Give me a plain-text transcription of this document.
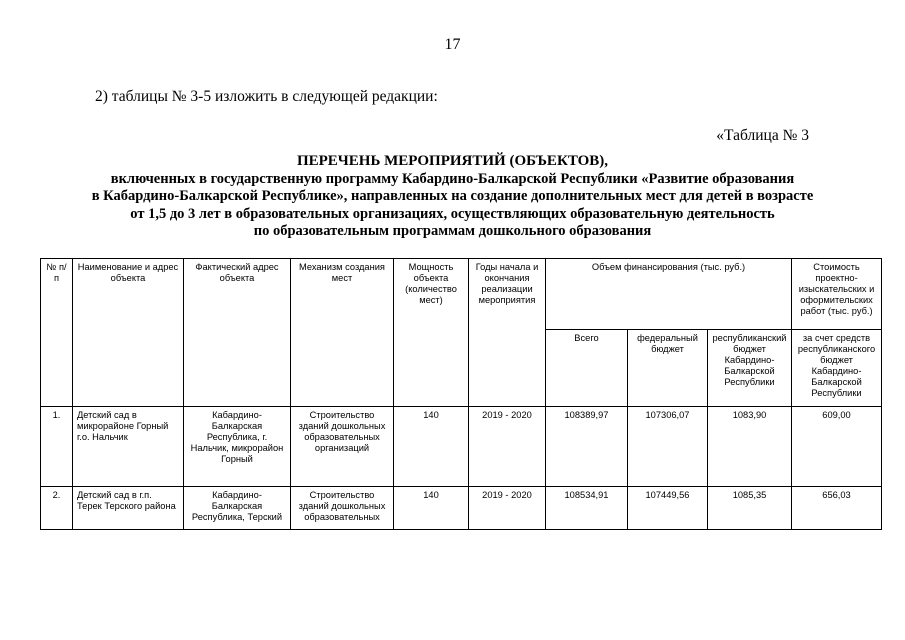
17
2) таблицы № 3-5 изложить в следующей редакции:
«Таблица № 3
ПЕРЕЧЕНЬ МЕРОПРИЯТИЙ (ОБЪЕКТОВ),
включенных в государственную программу Кабардино-Балкарской Республики «Развитие образования
в Кабардино-Балкарской Республике», направленных на создание дополнительных мест для детей в возрасте
от 1,5 до 3 лет в образовательных организациях, осуществляющих образовательную деятельность
по образовательным программам дошкольного образования
№ п/п	Наименование и адрес объекта	Фактический адрес объекта	Механизм создания мест	Мощность объекта (количество мест)	Годы начала и окончания реализации мероприятия	Объем финансирования (тыс. руб.)			Стоимость проектно-изыскательских и оформительских работ (тыс. руб.)
						Всего	федеральный бюджет	республиканский бюджет Кабардино-Балкарской Республики	за счет средств республиканского бюджет Кабардино-Балкарской Республики
1.	Детский сад в микрорайоне Горный г.о. Нальчик	Кабардино-Балкарская Республика, г. Нальчик, микрорайон Горный	Строительство зданий дошкольных образовательных организаций	140	2019 - 2020	108389,97	107306,07	1083,90	609,00
2.	Детский сад в г.п. Терек Терского района	Кабардино-Балкарская Республика, Терский	Строительство зданий дошкольных образовательных	140	2019 - 2020	108534,91	107449,56	1085,35	656,03
